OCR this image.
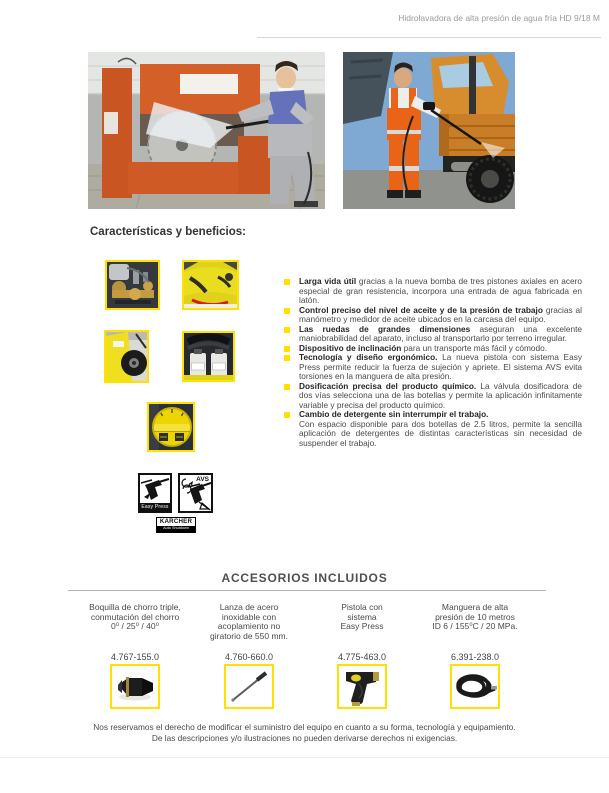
Hidrolavadora de alta presión de agua fría HD 9/18 M
Características y beneficios:
Larga vida útil gracias a la nueva bomba de tres pistones axiales en acero especial de gran resistencia, incorpora una entrada de agua fabricada en latón.
Control preciso del nivel de aceite y de la presión de trabajo gracias al manómetro y medidor de aceite ubicados en la carcasa del equipo.
Las ruedas de grandes dimensiones aseguran una excelente maniobrabilidad del aparato, incluso al transportarlo por terreno irregular.
Dispositivo de inclinación para un transporte más fácil y cómodo.
Tecnología y diseño ergonómico. La nueva pistola con sistema Easy Press permite reducir la fuerza de sujeción y apriete. El sistema AVS evita torsiones en la manguera de alta presión.
Dosificación precisa del producto químico. La válvula dosificadora de dos vías selecciona una de las botellas y permite la aplicación infinitamente variable y precisa del producto químico.
Cambio de detergente sin interrumpir el trabajo.
Con espacio disponible para dos botellas de 2.5 litros, permite la sencilla aplicación de detergentes de distintas características sin necesidad de suspender el trabajo.
Easy Press
AVS
KÄRCHER
Auto Shutdown
ACCESORIOS INCLUIDOS
Boquilla de chorro triple,
conmutación del chorro
0⁰ / 25⁰ / 40⁰
4.767-155.0
Lanza de acero
inoxidable con
acoplamiento no
giratorio de 550 mm.
4.760-660.0
Pistola con
sistema
Easy Press
4.775-463.0
Manguera de alta
presión de 10 metros
ID 6 / 155⁰C / 20 MPa.
6.391-238.0
Nos reservamos el derecho de modificar el suministro del equipo en cuanto a su forma, tecnología y equipamiento.
De las descripciones y/o ilustraciones no pueden derivarse derechos ni exigencias.
